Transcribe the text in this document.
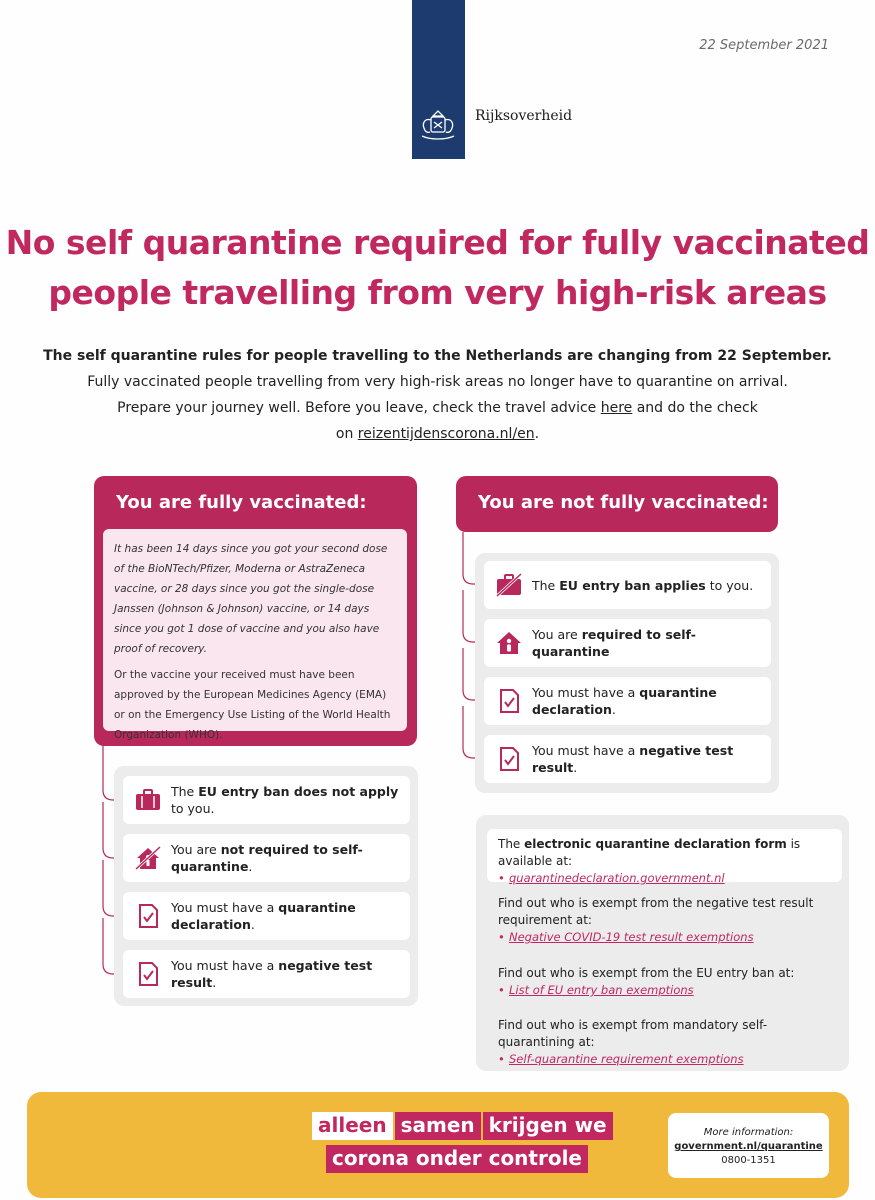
22 September 2021
Rijksoverheid
No self quarantine required for fully vaccinated
people travelling from very high-risk areas
The self quarantine rules for people travelling to the Netherlands are changing from 22 September.
Fully vaccinated people travelling from very high-risk areas no longer have to quarantine on arrival.
Prepare your journey well. Before you leave, check the travel advice here and do the check
on reizentijdenscorona.nl/en.
You are fully vaccinated:

It has been 14 days since you got your second dose of the BioNTech/Pfizer, Moderna or AstraZeneca vaccine, or 28 days since you got the single-dose Janssen (Johnson & Johnson) vaccine, or 14 days since you got 1 dose of vaccine and you also have proof of recovery.

Or the vaccine your received must have been approved by the European Medicines Agency (EMA) or on the Emergency Use Listing of the World Health Organization (WHO).

The EU entry ban does not apply to you.
You are not required to self-quarantine.
You must have a quarantine declaration.
You must have a negative test result.
You are not fully vaccinated:
The EU entry ban applies to you.
You are required to self-quarantine
You must have a quarantine declaration.
You must have a negative test result.
The electronic quarantine declaration form is available at:
• quarantinedeclaration.government.nl
Find out who is exempt from the negative test result requirement at:
• Negative COVID-19 test result exemptions
Find out who is exempt from the EU entry ban at:
• List of EU entry ban exemptions
Find out who is exempt from mandatory self-quarantining at:
• Self-quarantine requirement exemptions
alleen samen krijgen we
corona onder controle
More information:
government.nl/quarantine
0800-1351
